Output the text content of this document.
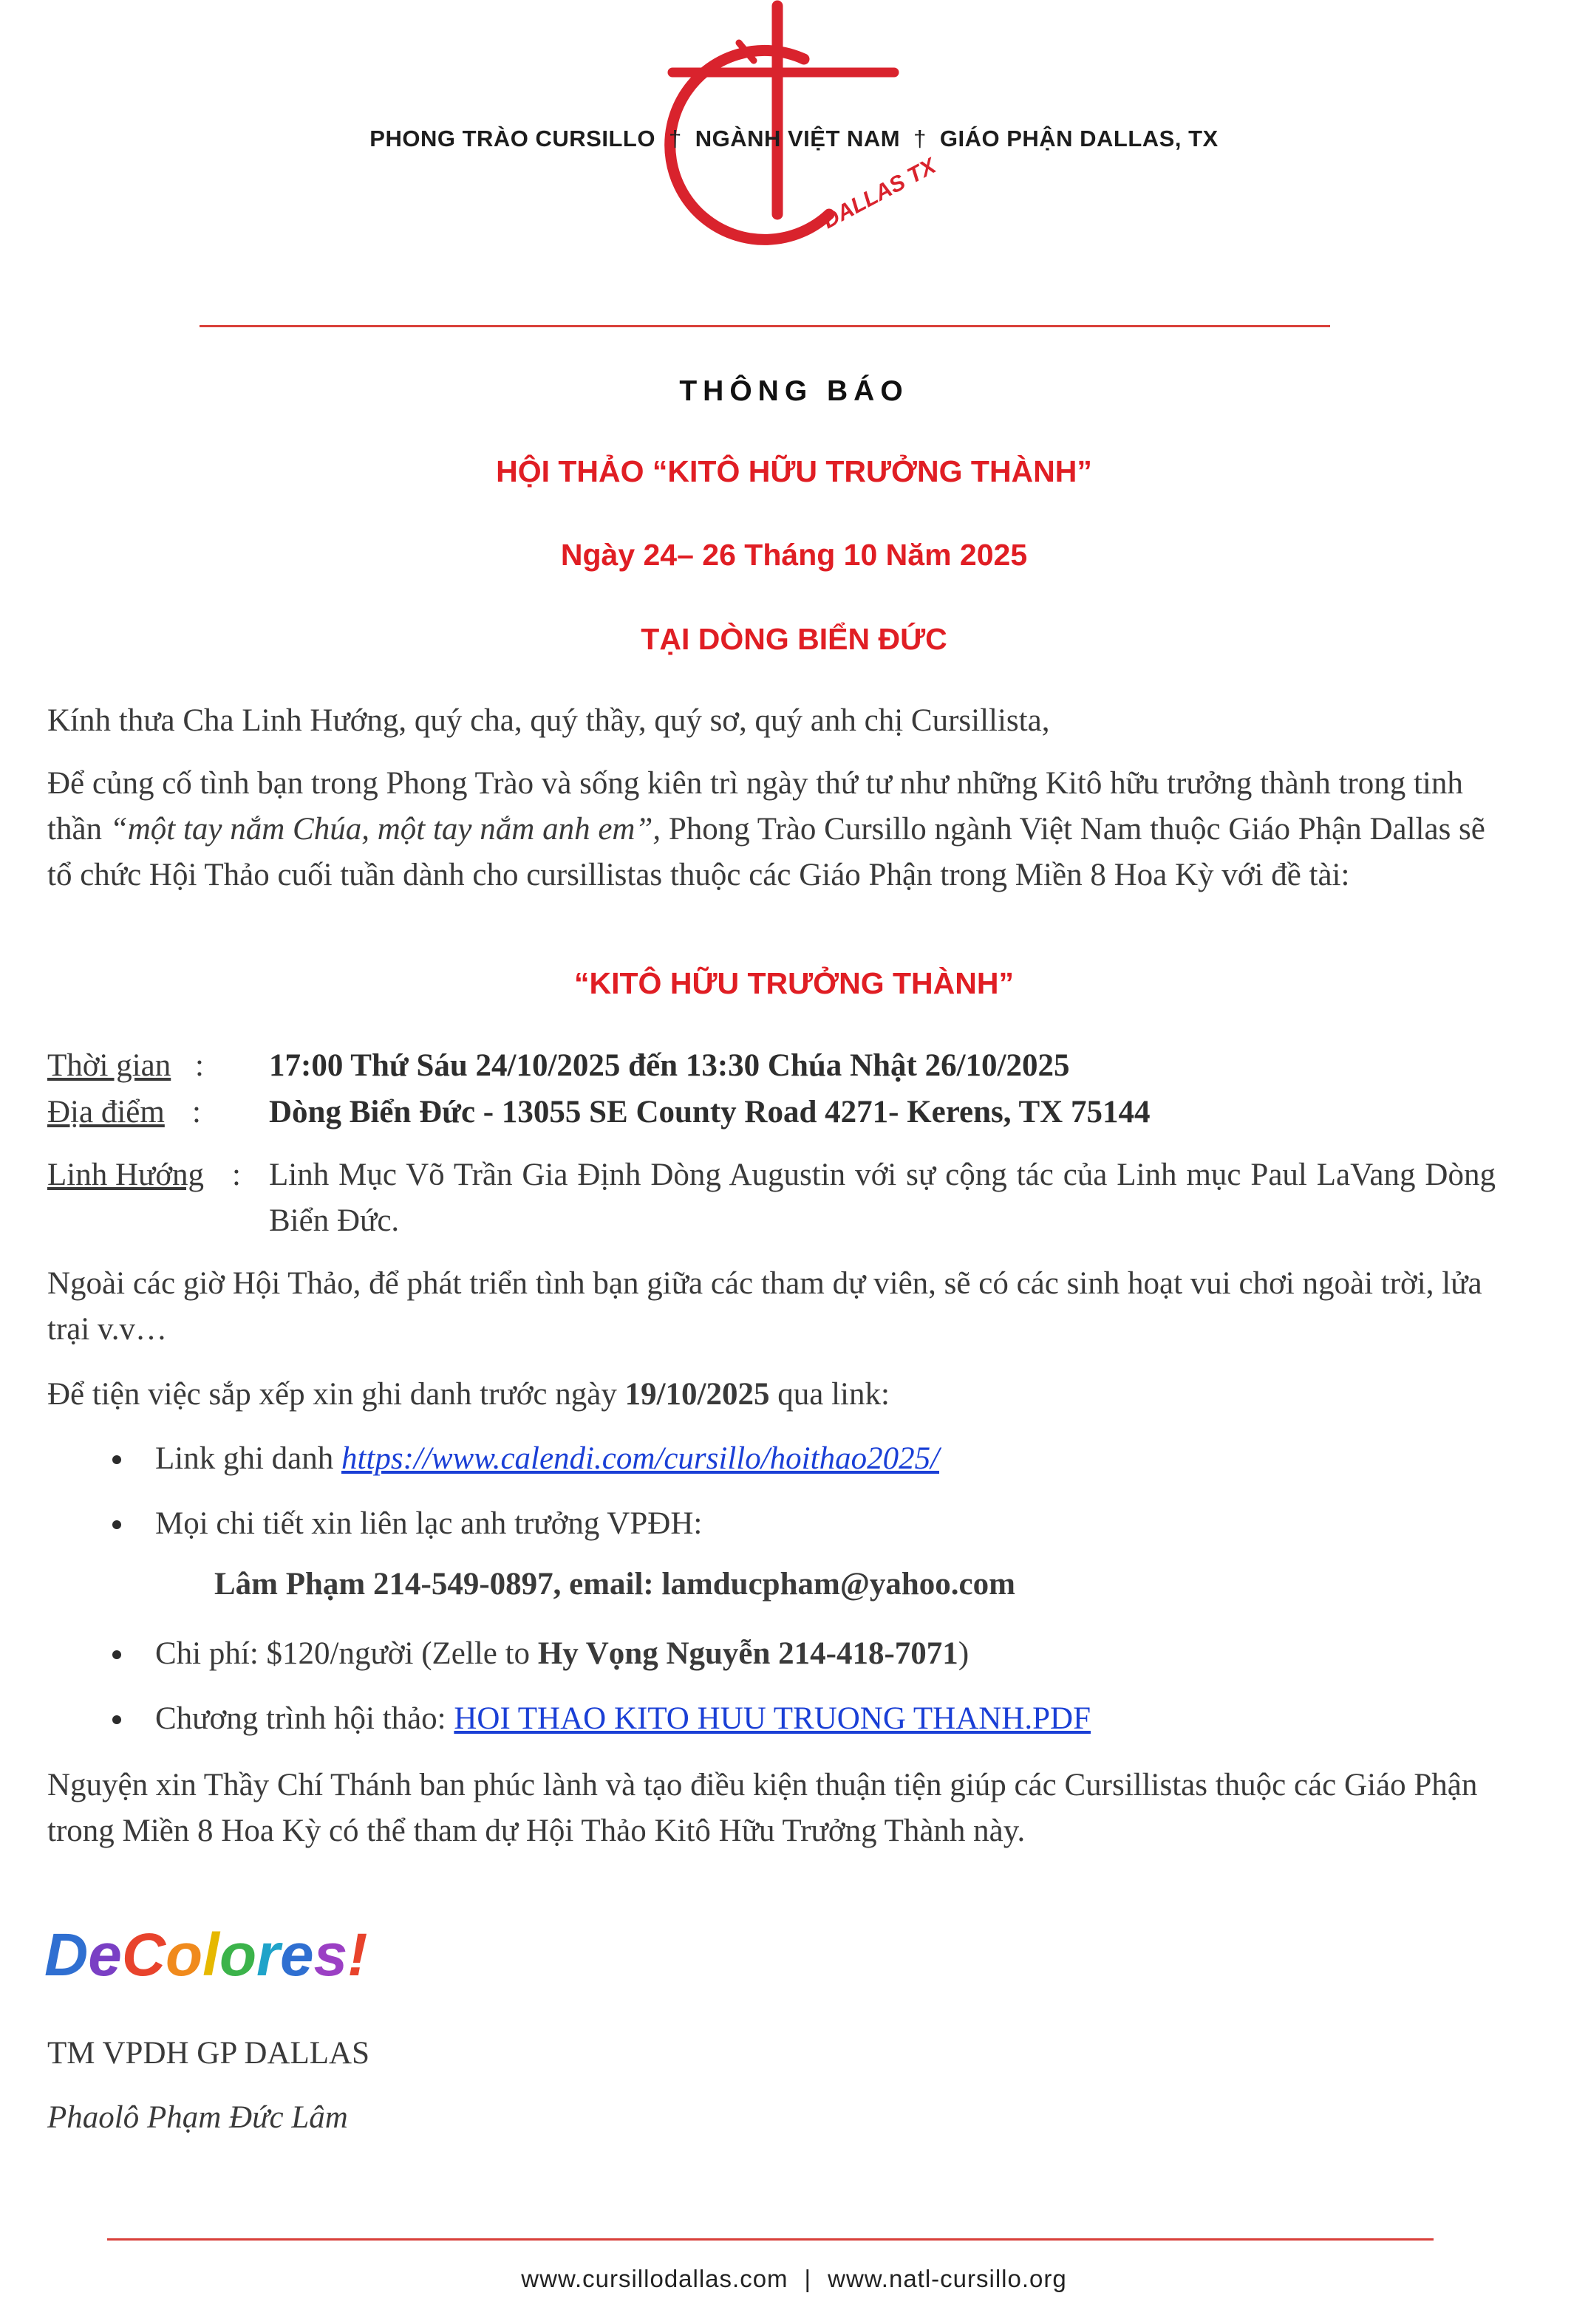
DALLAS TX
PHONG TRÀO CURSILLO † NGÀNH VIỆT NAM † GIÁO PHẬN DALLAS, TX
THÔNG BÁO
HỘI THẢO “KITÔ HỮU TRƯỞNG THÀNH”
Ngày 24– 26 Tháng 10 Năm 2025
TẠI DÒNG BIỂN ĐỨC
Kính thưa Cha Linh Hướng, quý cha, quý thầy, quý sơ, quý anh chị Cursillista,
Để củng cố tình bạn trong Phong Trào và sống kiên trì ngày thứ tư như những Kitô hữu trưởng thành trong tinh thần “một tay nắm Chúa, một tay nắm anh em”, Phong Trào Cursillo ngành Việt Nam thuộc Giáo Phận Dallas sẽ tổ chức Hội Thảo cuối tuần dành cho cursillistas thuộc các Giáo Phận trong Miền 8 Hoa Kỳ với đề tài:
“KITÔ HỮU TRƯỞNG THÀNH”
Thời gian : 17:00 Thứ Sáu 24/10/2025 đến 13:30 Chúa Nhật 26/10/2025
Địa điểm : Dòng Biển Đức - 13055 SE County Road 4271- Kerens, TX 75144
Linh Hướng : Linh Mục Võ Trần Gia Định Dòng Augustin với sự cộng tác của Linh mục Paul LaVang Dòng Biển Đức.
Ngoài các giờ Hội Thảo, để phát triển tình bạn giữa các tham dự viên, sẽ có các sinh hoạt vui chơi ngoài trời, lửa trại v.v…
Để tiện việc sắp xếp xin ghi danh trước ngày 19/10/2025 qua link:
Link ghi danh https://www.calendi.com/cursillo/hoithao2025/
Mọi chi tiết xin liên lạc anh trưởng VPĐH:
Lâm Phạm 214-549-0897, email: lamducpham@yahoo.com
Chi phí: $120/người (Zelle to Hy Vọng Nguyễn 214-418-7071)
Chương trình hội thảo: HOI THAO KITO HUU TRUONG THANH.PDF
Nguyện xin Thầy Chí Thánh ban phúc lành và tạo điều kiện thuận tiện giúp các Cursillistas thuộc các Giáo Phận trong Miền 8 Hoa Kỳ có thể tham dự Hội Thảo Kitô Hữu Trưởng Thành này.
DeColores!
TM VPDH GP DALLAS
Phaolô Phạm Đức Lâm
www.cursillodallas.com | www.natl-cursillo.org
